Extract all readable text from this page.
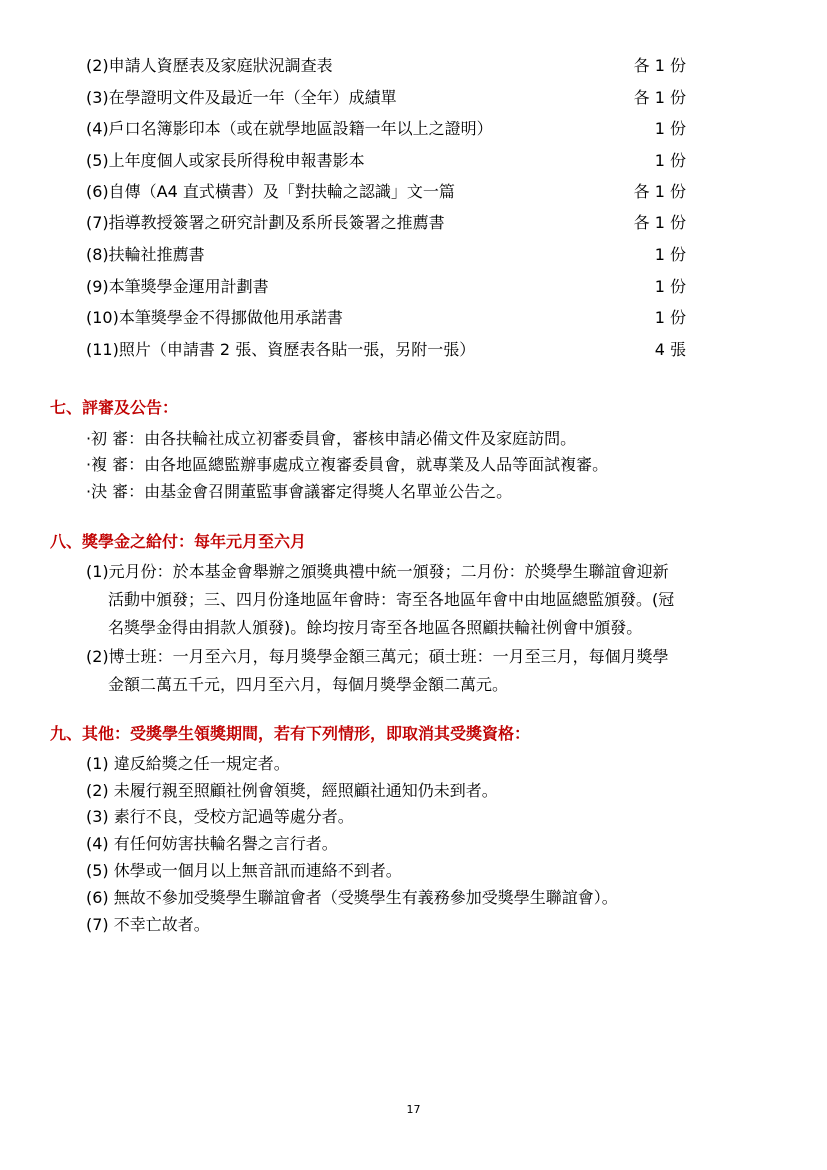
(2)申請人資歷表及家庭狀況調查表	各 1 份
(3)在學證明文件及最近一年（全年）成績單	各 1 份
(4)戶口名簿影印本（或在就學地區設籍一年以上之證明）	1 份
(5)上年度個人或家長所得稅申報書影本	1 份
(6)自傳（A4 直式橫書）及「對扶輪之認識」文一篇	各 1 份
(7)指導教授簽署之研究計劃及系所長簽署之推薦書	各 1 份
(8)扶輪社推薦書	1 份
(9)本筆獎學金運用計劃書	1 份
(10)本筆獎學金不得挪做他用承諾書	1 份
(11)照片（申請書 2 張、資歷表各貼一張，另附一張）	4 張
七、評審及公告：
·初 審：由各扶輪社成立初審委員會，審核申請必備文件及家庭訪問。
·複 審：由各地區總監辦事處成立複審委員會，就專業及人品等面試複審。
·決 審：由基金會召開董監事會議審定得獎人名單並公告之。
八、獎學金之給付：每年元月至六月
(1)元月份：於本基金會舉辦之頒獎典禮中統一頒發；二月份：於獎學生聯誼會迎新
活動中頒發；三、四月份逢地區年會時：寄至各地區年會中由地區總監頒發。(冠
名獎學金得由捐款人頒發)。餘均按月寄至各地區各照顧扶輪社例會中頒發。
(2)博士班：一月至六月，每月獎學金額三萬元；碩士班：一月至三月，每個月獎學
金額二萬五千元，四月至六月，每個月獎學金額二萬元。
九、其他：受獎學生領獎期間，若有下列情形，即取消其受獎資格：
(1) 違反給獎之任一規定者。
(2) 未履行親至照顧社例會領獎，經照顧社通知仍未到者。
(3) 素行不良，受校方記過等處分者。
(4) 有任何妨害扶輪名譽之言行者。
(5) 休學或一個月以上無音訊而連絡不到者。
(6) 無故不參加受獎學生聯誼會者（受獎學生有義務參加受獎學生聯誼會）。
(7) 不幸亡故者。
17
